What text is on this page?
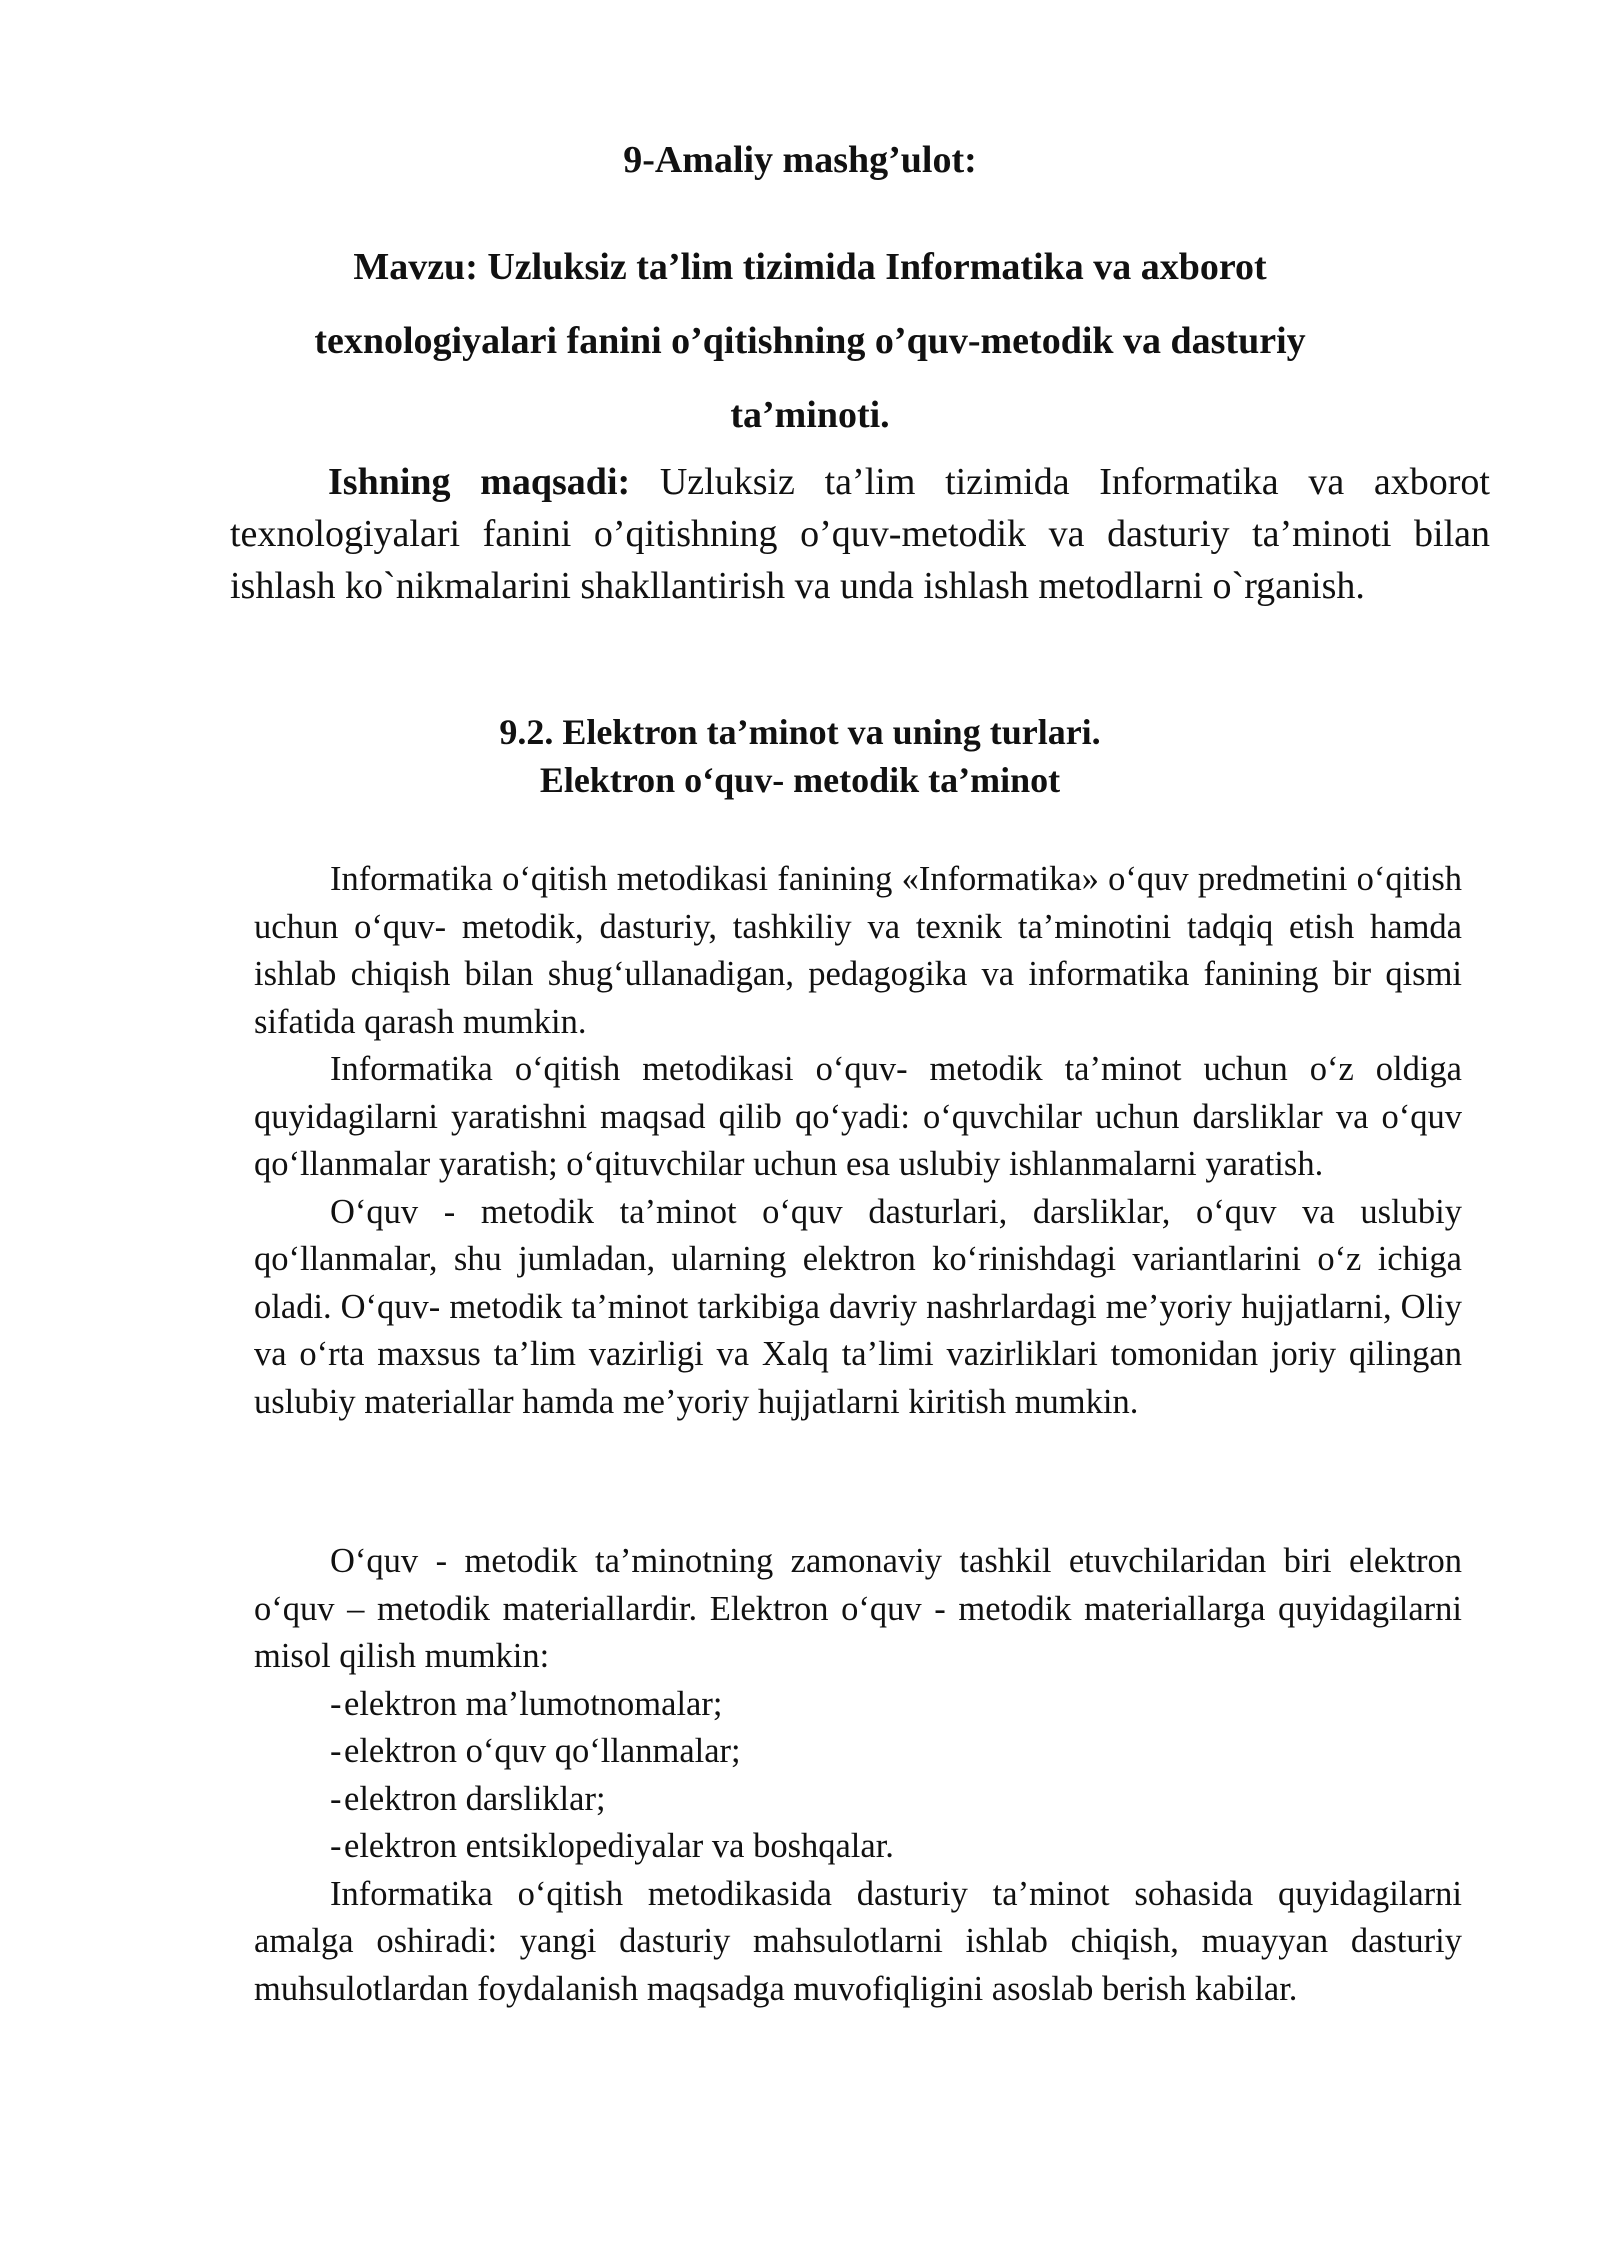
9-Amaliy mashg’ulot:
Mavzu: Uzluksiz ta’lim tizimida Informatika va axborot texnologiyalari fanini o’qitishning o’quv-metodik va dasturiy ta’minoti.
Ishning maqsadi: Uzluksiz ta’lim tizimida Informatika va axborot texnologiyalari fanini o’qitishning o’quv-metodik va dasturiy ta’minoti bilan ishlash ko`nikmalarini shakllantirish va unda ishlash metodlarni o`rganish.
9.2. Elektron ta’minot va uning turlari.
Elektron o‘quv- metodik ta’minot

Informatika o‘qitish metodikasi fanining «Informatika» o‘quv predmetini o‘qitish uchun o‘quv- metodik, dasturiy, tashkiliy va texnik ta’minotini tadqiq etish hamda ishlab chiqish bilan shug‘ullanadigan, pedagogika va informatika fanining bir qismi sifatida qarash mumkin.

Informatika o‘qitish metodikasi o‘quv- metodik ta’minot uchun o‘z oldiga quyidagilarni yaratishni maqsad qilib qo‘yadi: o‘quvchilar uchun darsliklar va o‘quv qo‘llanmalar yaratish; o‘qituvchilar uchun esa uslubiy ishlanmalarni yaratish.

O‘quv - metodik ta’minot o‘quv dasturlari, darsliklar, o‘quv va uslubiy qo‘llanmalar, shu jumladan, ularning elektron ko‘rinishdagi variantlarini o‘z ichiga oladi. O‘quv- metodik ta’minot tarkibiga davriy nashrlardagi me’yoriy hujjatlarni, Oliy va o‘rta maxsus ta’lim vazirligi va Xalq ta’limi vazirliklari tomonidan joriy qilingan uslubiy materiallar hamda me’yoriy hujjatlarni kiritish mumkin.

O‘quv - metodik ta’minotning zamonaviy tashkil etuvchilaridan biri elektron o‘quv – metodik materiallardir. Elektron o‘quv - metodik materiallarga quyidagilarni misol qilish mumkin:

-elektron ma’lumotnomalar;
-elektron o‘quv qo‘llanmalar;
-elektron darsliklar;
-elektron entsiklopediyalar va boshqalar.

Informatika o‘qitish metodikasida dasturiy ta’minot sohasida quyidagilarni amalga oshiradi: yangi dasturiy mahsulotlarni ishlab chiqish, muayyan dasturiy muhsulotlardan foydalanish maqsadga muvofiqligini asoslab berish kabilar.
